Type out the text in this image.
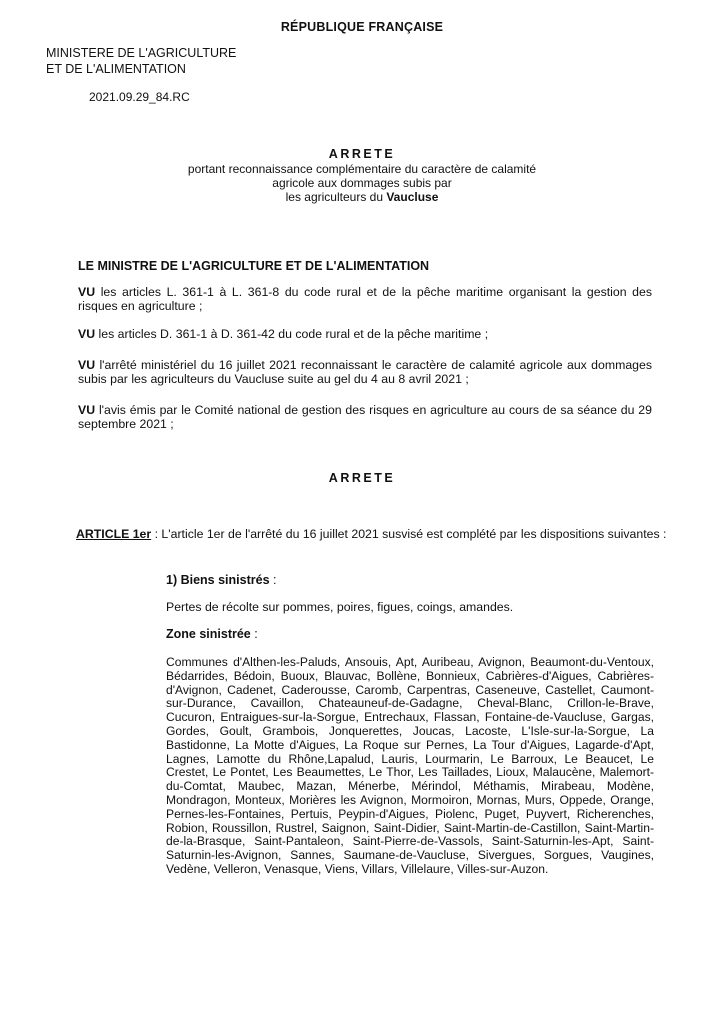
RÉPUBLIQUE FRANÇAISE
MINISTERE DE L'AGRICULTURE
ET DE L'ALIMENTATION
2021.09.29_84.RC
ARRETE
portant reconnaissance complémentaire du caractère de calamité
agricole aux dommages subis par
les agriculteurs du Vaucluse
LE MINISTRE DE L'AGRICULTURE ET DE L'ALIMENTATION

VU les articles L. 361-1 à L. 361-8 du code rural et de la pêche maritime organisant la gestion des risques en agriculture ;

VU les articles D. 361-1 à D. 361-42 du code rural et de la pêche maritime ;

VU l'arrêté ministériel du 16 juillet 2021 reconnaissant le caractère de calamité agricole aux dommages subis par les agriculteurs du Vaucluse suite au gel du 4 au 8 avril 2021 ;

VU l'avis émis par le Comité national de gestion des risques en agriculture au cours de sa séance du 29 septembre 2021 ;

ARRETE
ARTICLE 1er : L'article 1er de l'arrêté du 16 juillet 2021 susvisé est complété par les dispositions suivantes :
1) Biens sinistrés :
Pertes de récolte sur pommes, poires, figues, coings, amandes.
Zone sinistrée :

Communes d'Althen-les-Paluds, Ansouis, Apt, Auribeau, Avignon, Beaumont-du-Ventoux, Bédarrides, Bédoin, Buoux, Blauvac, Bollène, Bonnieux, Cabrières-d'Aigues, Cabrières-d'Avignon, Cadenet, Caderousse, Caromb, Carpentras, Caseneuve, Castellet, Caumont-sur-Durance, Cavaillon, Chateauneuf-de-Gadagne, Cheval-Blanc, Crillon-le-Brave, Cucuron, Entraigues-sur-la-Sorgue, Entrechaux, Flassan, Fontaine-de-Vaucluse, Gargas, Gordes, Goult, Grambois, Jonquerettes, Joucas, Lacoste, L'Isle-sur-la-Sorgue, La Bastidonne, La Motte d'Aigues, La Roque sur Pernes, La Tour d'Aigues, Lagarde-d'Apt, Lagnes, Lamotte du Rhône,Lapalud, Lauris, Lourmarin, Le Barroux, Le Beaucet, Le Crestet, Le Pontet, Les Beaumettes, Le Thor, Les Taillades, Lioux, Malaucène, Malemort-du-Comtat, Maubec, Mazan, Ménerbe, Mérindol, Méthamis, Mirabeau, Modène, Mondragon, Monteux, Morières les Avignon, Mormoiron, Mornas, Murs, Oppede, Orange, Pernes-les-Fontaines, Pertuis, Peypin-d'Aigues, Piolenc, Puget, Puyvert, Richerenches, Robion, Roussillon, Rustrel, Saignon, Saint-Didier, Saint-Martin-de-Castillon, Saint-Martin-de-la-Brasque, Saint-Pantaleon, Saint-Pierre-de-Vassols, Saint-Saturnin-les-Apt, Saint-Saturnin-les-Avignon, Sannes, Saumane-de-Vaucluse, Sivergues, Sorgues, Vaugines, Vedène, Velleron, Venasque, Viens, Villars, Villelaure, Villes-sur-Auzon.
